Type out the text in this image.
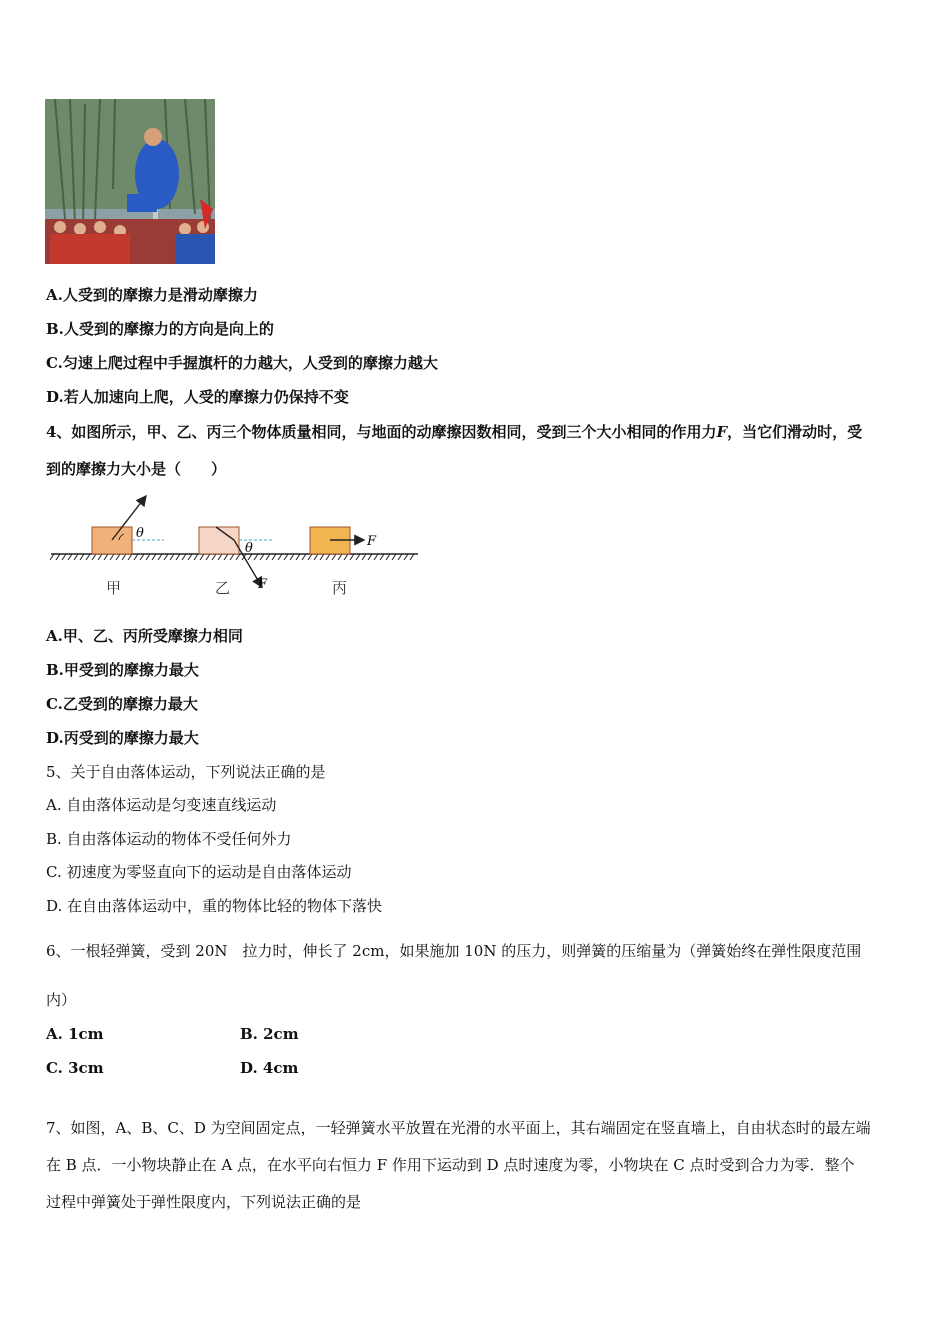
A.人受到的摩擦力是滑动摩擦力
B.人受到的摩擦力的方向是向上的
C.匀速上爬过程中手握旗杆的力越大，人受到的摩擦力越大
D.若人加速向上爬，人受的摩擦力仍保持不变
4、如图所示，甲、乙、丙三个物体质量相同，与地面的动摩擦因数相同，受到三个大小相同的作用力F，当它们滑动时，受
到的摩擦力大小是（　　）
θ
θ
F
F
甲	乙	丙
A.甲、乙、丙所受摩擦力相同
B.甲受到的摩擦力最大
C.乙受到的摩擦力最大
D.丙受到的摩擦力最大
5、关于自由落体运动，下列说法正确的是
A. 自由落体运动是匀变速直线运动
B. 自由落体运动的物体不受任何外力
C. 初速度为零竖直向下的运动是自由落体运动
D. 在自由落体运动中，重的物体比轻的物体下落快
6、一根轻弹簧，受到 20N　拉力时，伸长了 2cm，如果施加 10N 的压力，则弹簧的压缩量为（弹簧始终在弹性限度范围
内）
A. 1cm	B. 2cm
C. 3cm	D. 4cm
7、如图，A、B、C、D 为空间固定点，一轻弹簧水平放置在光滑的水平面上，其右端固定在竖直墙上，自由状态时的最左端
在 B 点．一小物块静止在 A 点，在水平向右恒力 F 作用下运动到 D 点时速度为零，小物块在 C 点时受到合力为零．整个
过程中弹簧处于弹性限度内，下列说法正确的是
